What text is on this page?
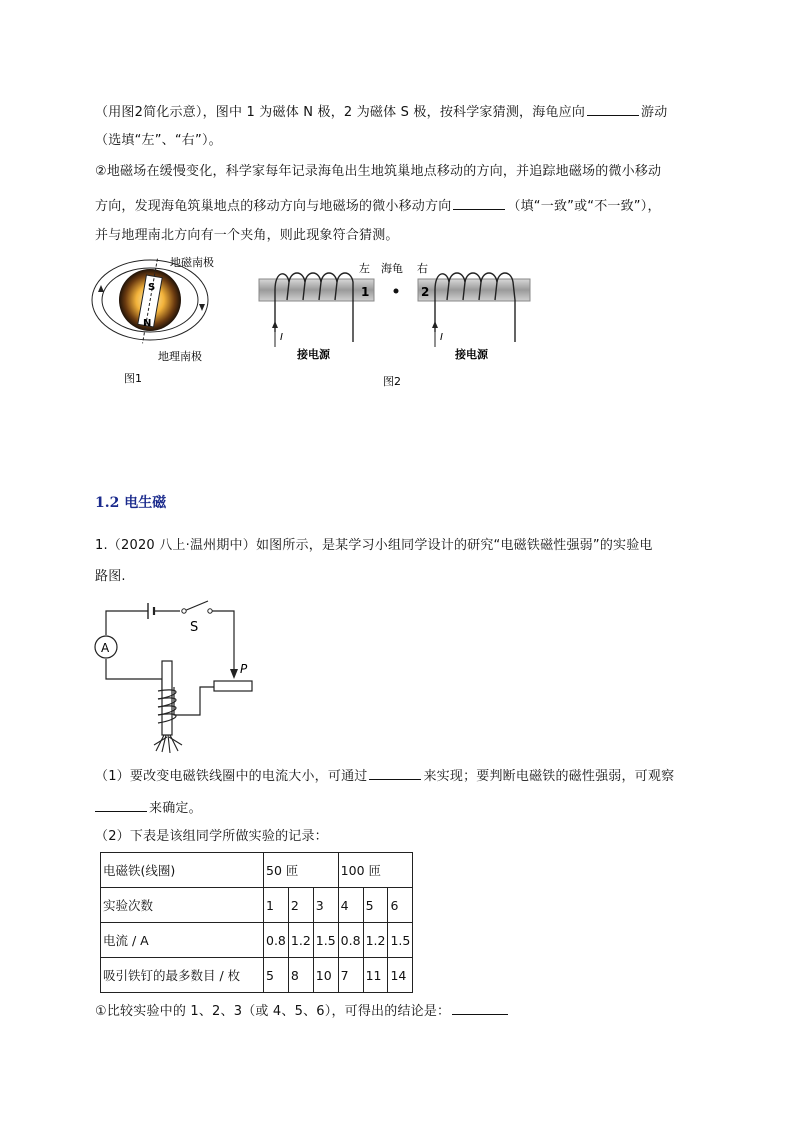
（用图2简化示意），图中 1 为磁体 N 极，2 为磁体 S 极，按科学家猜测，海龟应向	游动
（选填“左”、“右”）。
②地磁场在缓慢变化，科学家每年记录海龟出生地筑巢地点移动的方向，并追踪地磁场的微小移动
方向，发现海龟筑巢地点的移动方向与地磁场的微小移动方向	（填“一致”或“不一致”），
并与地理南北方向有一个夹角，则此现象符合猜测。
S
N
地磁南极
地理南极
图1
I
1
左 海龟 右
I
2
接电源	接电源
图2
1.2 电生磁
1.（2020 八上·温州期中）如图所示，是某学习小组同学设计的研究“电磁铁磁性强弱”的实验电
路图.
A
S
P
（1）要改变电磁铁线圈中的电流大小，可通过	来实现；要判断电磁铁的磁性强弱，可观察
来确定。
（2）下表是该组同学所做实验的记录：
电磁铁(线圈)	50 匝			100 匝		
实验次数	1	2	3	4	5	6
电流 / A	0.8	1.2	1.5	0.8	1.2	1.5
吸引铁钉的最多数目 / 枚	5	8	10	7	11	14
①比较实验中的 1、2、3（或 4、5、6），可得出的结论是：
